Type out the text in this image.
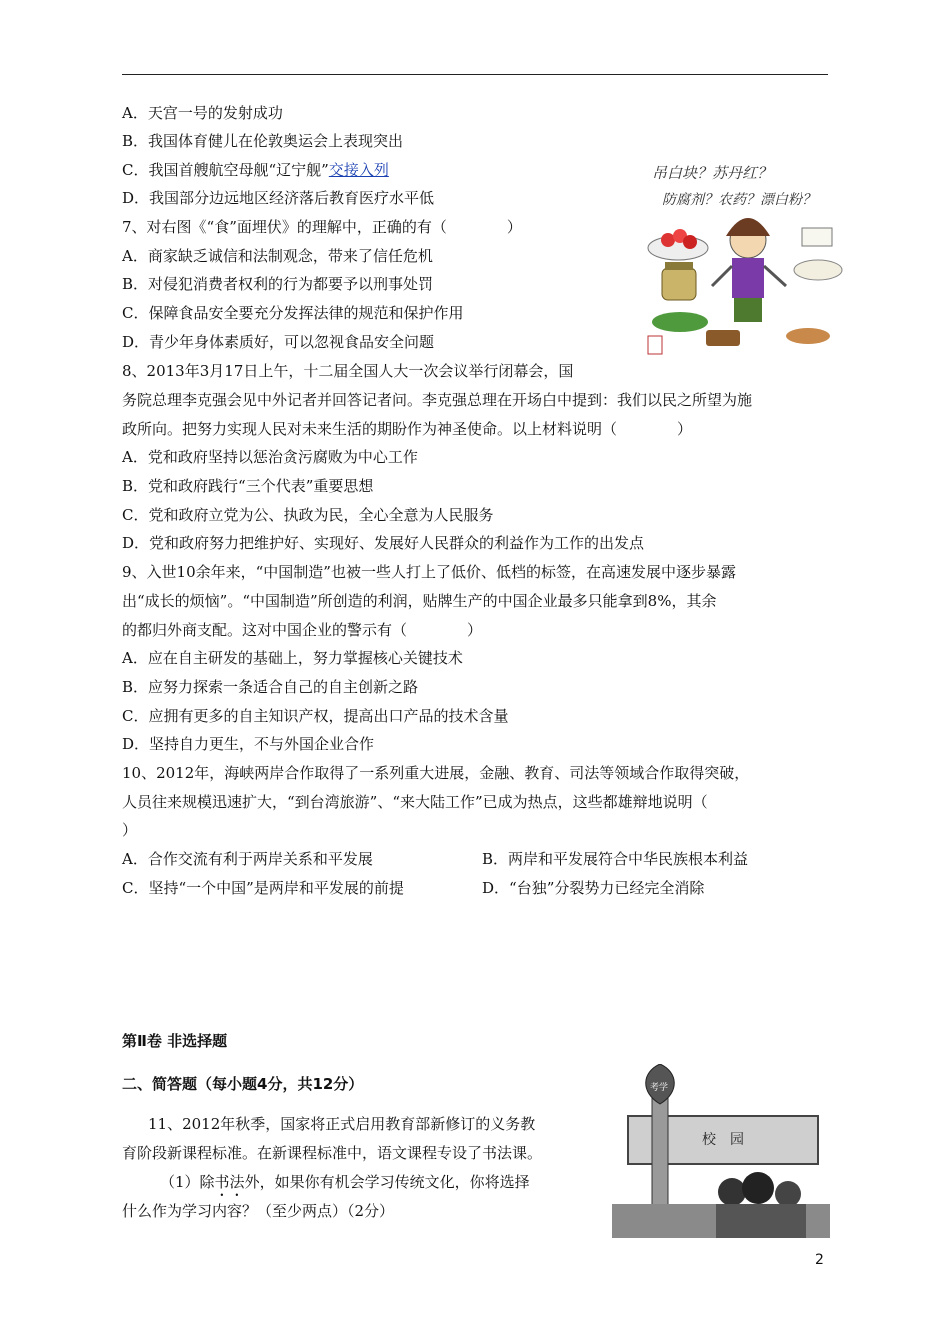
A．天宫一号的发射成功
B．我国体育健儿在伦敦奥运会上表现突出
C．我国首艘航空母舰“辽宁舰”交接入列
D．我国部分边远地区经济落后教育医疗水平低
7、对右图《“食”面埋伏》的理解中，正确的有（　　　　）
A．商家缺乏诚信和法制观念，带来了信任危机
B．对侵犯消费者权利的行为都要予以刑事处罚
C．保障食品安全要充分发挥法律的规范和保护作用
D．青少年身体素质好，可以忽视食品安全问题
吊白块？苏丹红？
防腐剂？农药？漂白粉？
8、2013年3月17日上午，十二届全国人大一次会议举行闭幕会，国
务院总理李克强会见中外记者并回答记者问。李克强总理在开场白中提到：我们以民之所望为施
政所向。把努力实现人民对未来生活的期盼作为神圣使命。以上材料说明（　　　　）
A．党和政府坚持以惩治贪污腐败为中心工作
B．党和政府践行“三个代表”重要思想
C．党和政府立党为公、执政为民，全心全意为人民服务
D．党和政府努力把维护好、实现好、发展好人民群众的利益作为工作的出发点
9、入世10余年来，“中国制造”也被一些人打上了低价、低档的标签，在高速发展中逐步暴露
出“成长的烦恼”。“中国制造”所创造的利润，贴牌生产的中国企业最多只能拿到8%，其余
的都归外商支配。这对中国企业的警示有（　　　　）
A．应在自主研发的基础上，努力掌握核心关键技术
B．应努力探索一条适合自己的自主创新之路
C．应拥有更多的自主知识产权，提高出口产品的技术含量
D．坚持自力更生，不与外国企业合作
10、2012年，海峡两岸合作取得了一系列重大进展，金融、教育、司法等领域合作取得突破，
人员往来规模迅速扩大，“到台湾旅游”、“来大陆工作”已成为热点，这些都雄辩地说明（
）
A．合作交流有利于两岸关系和平发展	B．两岸和平发展符合中华民族根本利益
C．坚持“一个中国”是两岸和平发展的前提	D．“台独”分裂势力已经完全消除
第Ⅱ卷 非选择题
二、简答题（每小题4分，共12分）
11、2012年秋季，国家将正式启用教育部新修订的义务教
育阶段新课程标准。在新课程标准中，语文课程专设了书法课。
（1）除书法外，如果你有机会学习传统文化，你将选择
什么作为学习内容？（至少两点）（2分）
校　园
考学
2
